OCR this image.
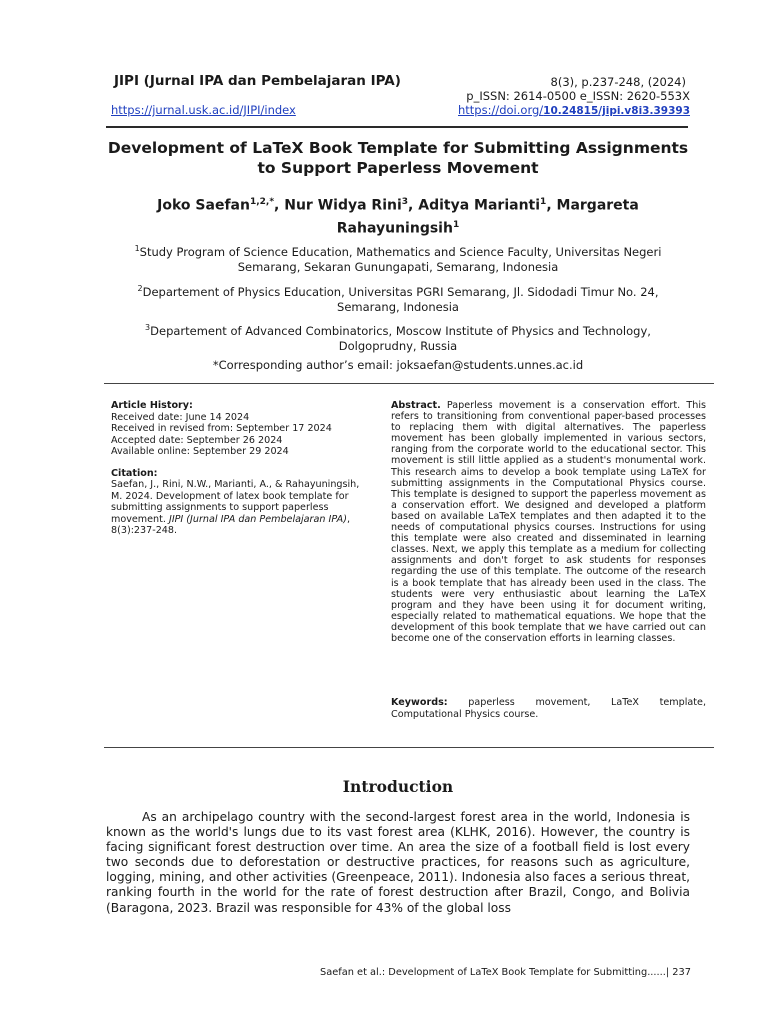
JIPI (Jurnal IPA dan Pembelajaran IPA)	8(3), p.237-248, (2024)
p_ISSN: 2614-0500 e_ISSN: 2620-553X
https://jurnal.usk.ac.id/JIPI/index	https://doi.org/10.24815/jipi.v8i3.39393
Development of LaTeX Book Template for Submitting Assignments to Support Paperless Movement
Joko Saefan$^{1,2,*}$, Nur Widya Rini$^3$, Aditya Marianti$^1$, Margareta Rahayuningsih$^1$
$^1$Study Program of Science Education, Mathematics and Science Faculty, Universitas Negeri Semarang, Sekaran Gunungapati, Semarang, Indonesia
$^2$Departement of Physics Education, Universitas PGRI Semarang, Jl. Sidodadi Timur No. 24, Semarang, Indonesia
$^3$Departement of Advanced Combinatorics, Moscow Institute of Physics and Technology, Dolgoprudny, Russia
*Corresponding author’s email: joksaefan@students.unnes.ac.id
Article History:
Received date: June 14 2024
Received in revised from: September 17 2024
Accepted date: September 26 2024
Available online: September 29 2024
Citation:
Saefan, J., Rini, N.W., Marianti, A., & Rahayuningsih, M. 2024. Development of latex book template for submitting assignments to support paperless movement. JIPI (Jurnal IPA dan Pembelajaran IPA), 8(3):237-248.
Abstract. Paperless movement is a conservation effort. This refers to transitioning from conventional paper-based processes to replacing them with digital alternatives. The paperless movement has been globally implemented in various sectors, ranging from the corporate world to the educational sector. This movement is still little applied as a student's monumental work. This research aims to develop a book template using LaTeX for submitting assignments in the Computational Physics course. This template is designed to support the paperless movement as a conservation effort. We designed and developed a platform based on available LaTeX templates and then adapted it to the needs of computational physics courses. Instructions for using this template were also created and disseminated in learning classes. Next, we apply this template as a medium for collecting assignments and don't forget to ask students for responses regarding the use of this template. The outcome of the research is a book template that has already been used in the class. The students were very enthusiastic about learning the LaTeX program and they have been using it for document writing, especially related to mathematical equations. We hope that the development of this book template that we have carried out can become one of the conservation efforts in learning classes.
Keywords: paperless movement, LaTeX template, Computational Physics course.
Introduction
As an archipelago country with the second-largest forest area in the world, Indonesia is known as the world's lungs due to its vast forest area (KLHK, 2016). However, the country is facing significant forest destruction over time. An area the size of a football field is lost every two seconds due to deforestation or destructive practices, for reasons such as agriculture, logging, mining, and other activities (Greenpeace, 2011). Indonesia also faces a serious threat, ranking fourth in the world for the rate of forest destruction after Brazil, Congo, and Bolivia (Baragona, 2023. Brazil was responsible for 43% of the global loss
Saefan et al.: Development of LaTeX Book Template for Submitting......| 237
